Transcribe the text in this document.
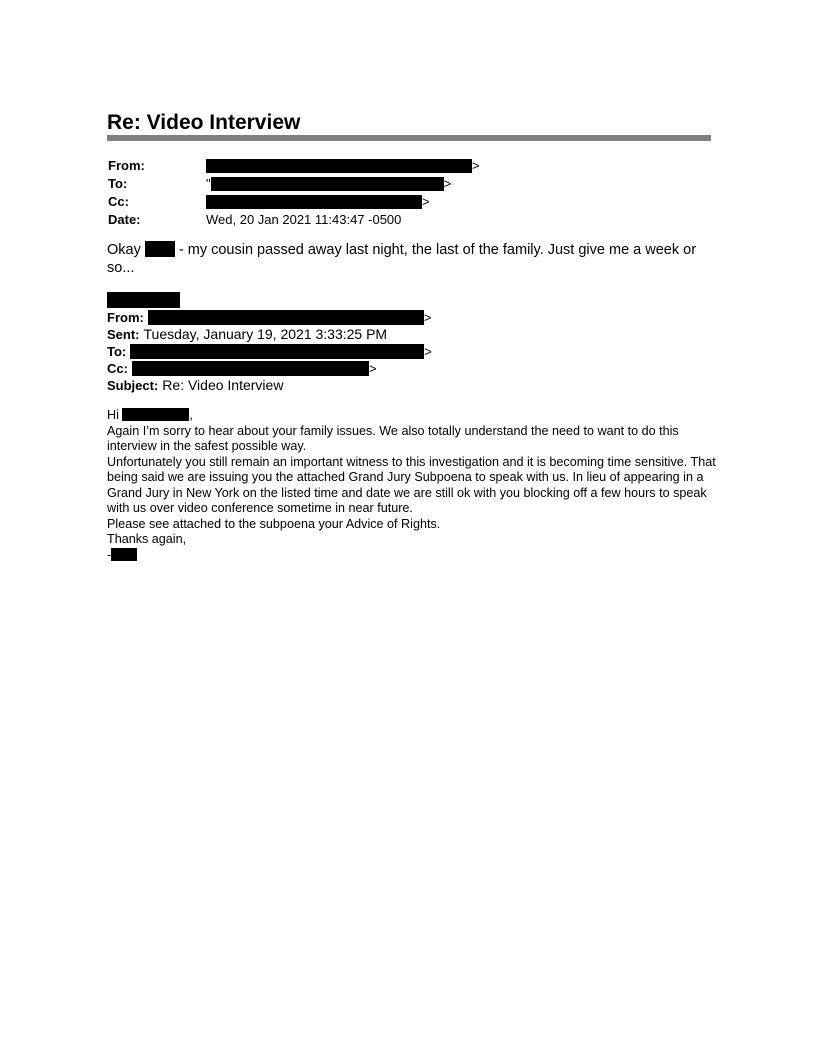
Re: Video Interview
From:	>
To:	"	>
Cc:	>
Date:	Wed, 20 Jan 2021 11:43:47 -0500
Okay  - my cousin passed away last night, the last of the family. Just give me a week or so...
From:	>
Sent: Tuesday, January 19, 2021 3:33:25 PM
To:	>
Cc:	>
Subject: Re: Video Interview

Hi	,

Again I’m sorry to hear about your family issues. We also totally understand the need to want to do this interview in the safest possible way.

Unfortunately you still remain an important witness to this investigation and it is becoming time sensitive. That being said we are issuing you the attached Grand Jury Subpoena to speak with us. In lieu of appearing in a Grand Jury in New York on the listed time and date we are still ok with you blocking off a few hours to speak with us over video conference sometime in near future.

Please see attached to the subpoena your Advice of Rights.

Thanks again,

-
